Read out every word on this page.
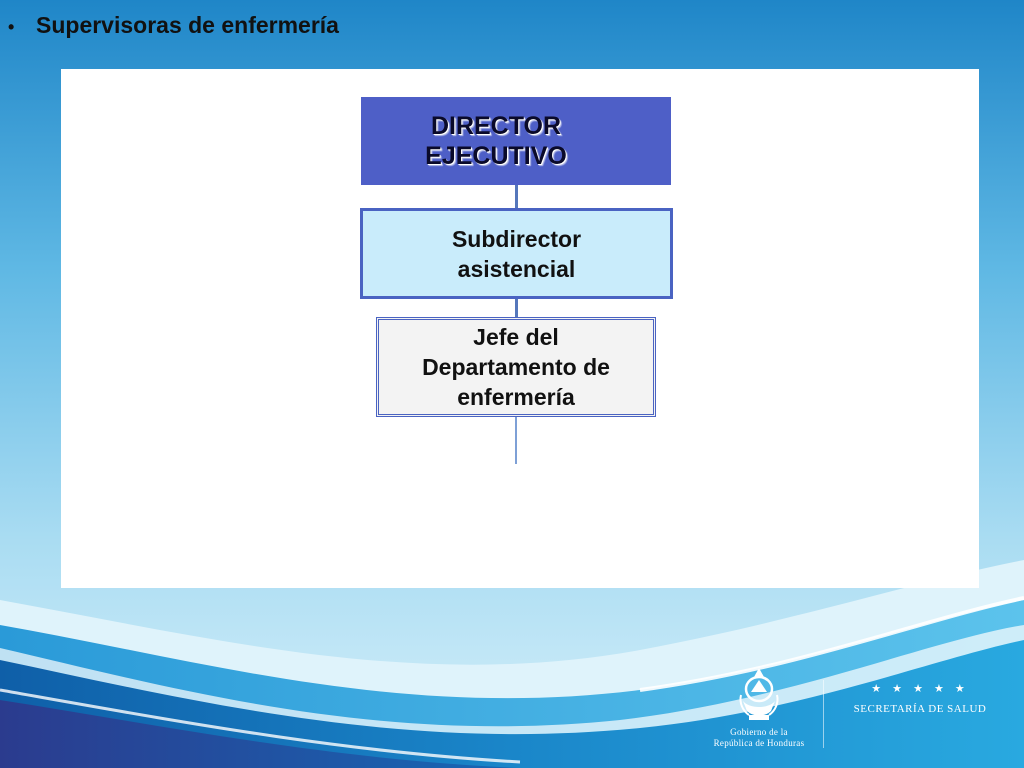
DIRECTOR
EJECUTIVO
Subdirector
asistencial
Jefe del
Departamento de
enfermería
• Supervisoras de enfermería
Gobierno de la
República de Honduras
★ ★ ★ ★ ★
SECRETARÍA DE SALUD
